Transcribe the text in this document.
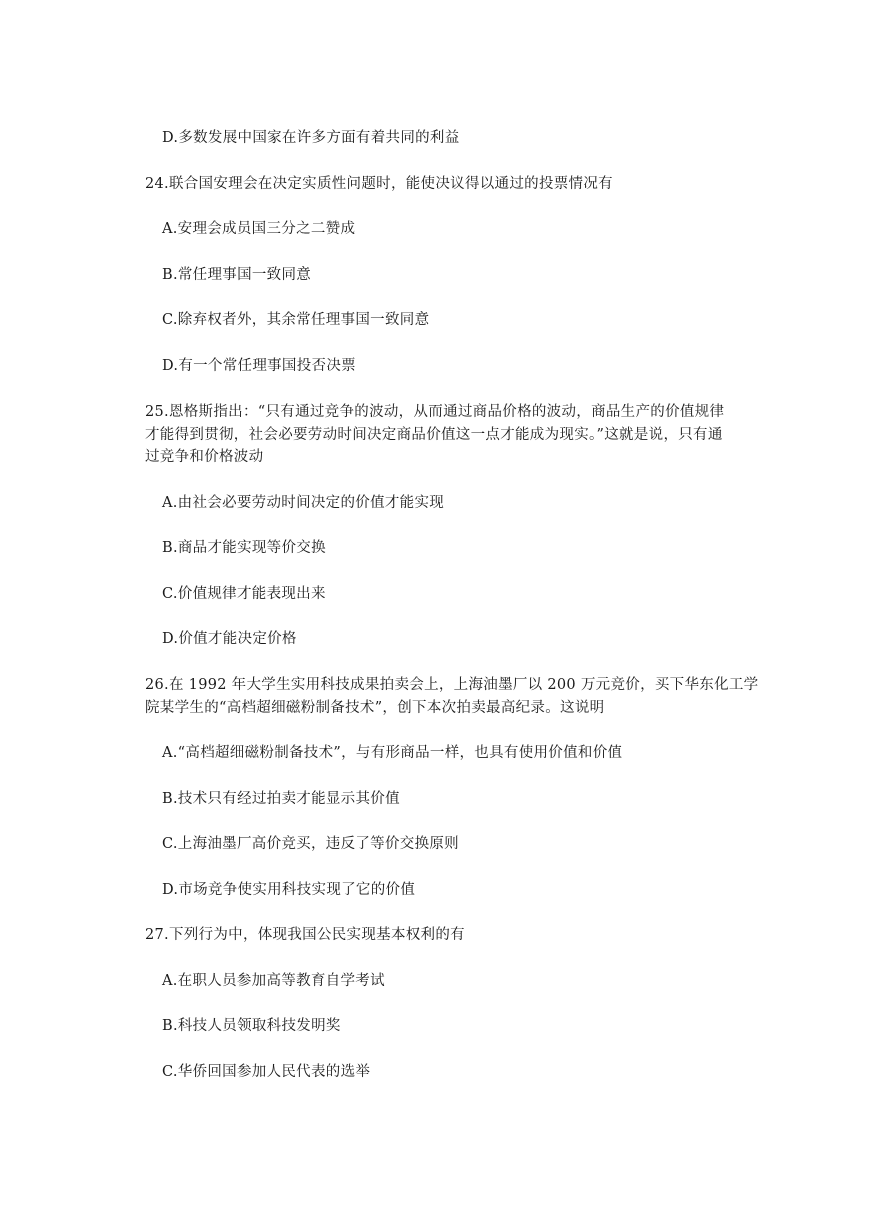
D.多数发展中国家在许多方面有着共同的利益
24.联合国安理会在决定实质性问题时，能使决议得以通过的投票情况有
A.安理会成员国三分之二赞成
B.常任理事国一致同意
C.除弃权者外，其余常任理事国一致同意
D.有一个常任理事国投否决票
25.恩格斯指出：“只有通过竞争的波动，从而通过商品价格的波动，商品生产的价值规律
才能得到贯彻，社会必要劳动时间决定商品价值这一点才能成为现实。”这就是说，只有通
过竞争和价格波动
A.由社会必要劳动时间决定的价值才能实现
B.商品才能实现等价交换
C.价值规律才能表现出来
D.价值才能决定价格
26.在 1992 年大学生实用科技成果拍卖会上，上海油墨厂以 200 万元竞价，买下华东化工学
院某学生的“高档超细磁粉制备技术”，创下本次拍卖最高纪录。这说明
A.“高档超细磁粉制备技术”，与有形商品一样，也具有使用价值和价值
B.技术只有经过拍卖才能显示其价值
C.上海油墨厂高价竞买，违反了等价交换原则
D.市场竞争使实用科技实现了它的价值
27.下列行为中，体现我国公民实现基本权利的有
A.在职人员参加高等教育自学考试
B.科技人员领取科技发明奖
C.华侨回国参加人民代表的选举
